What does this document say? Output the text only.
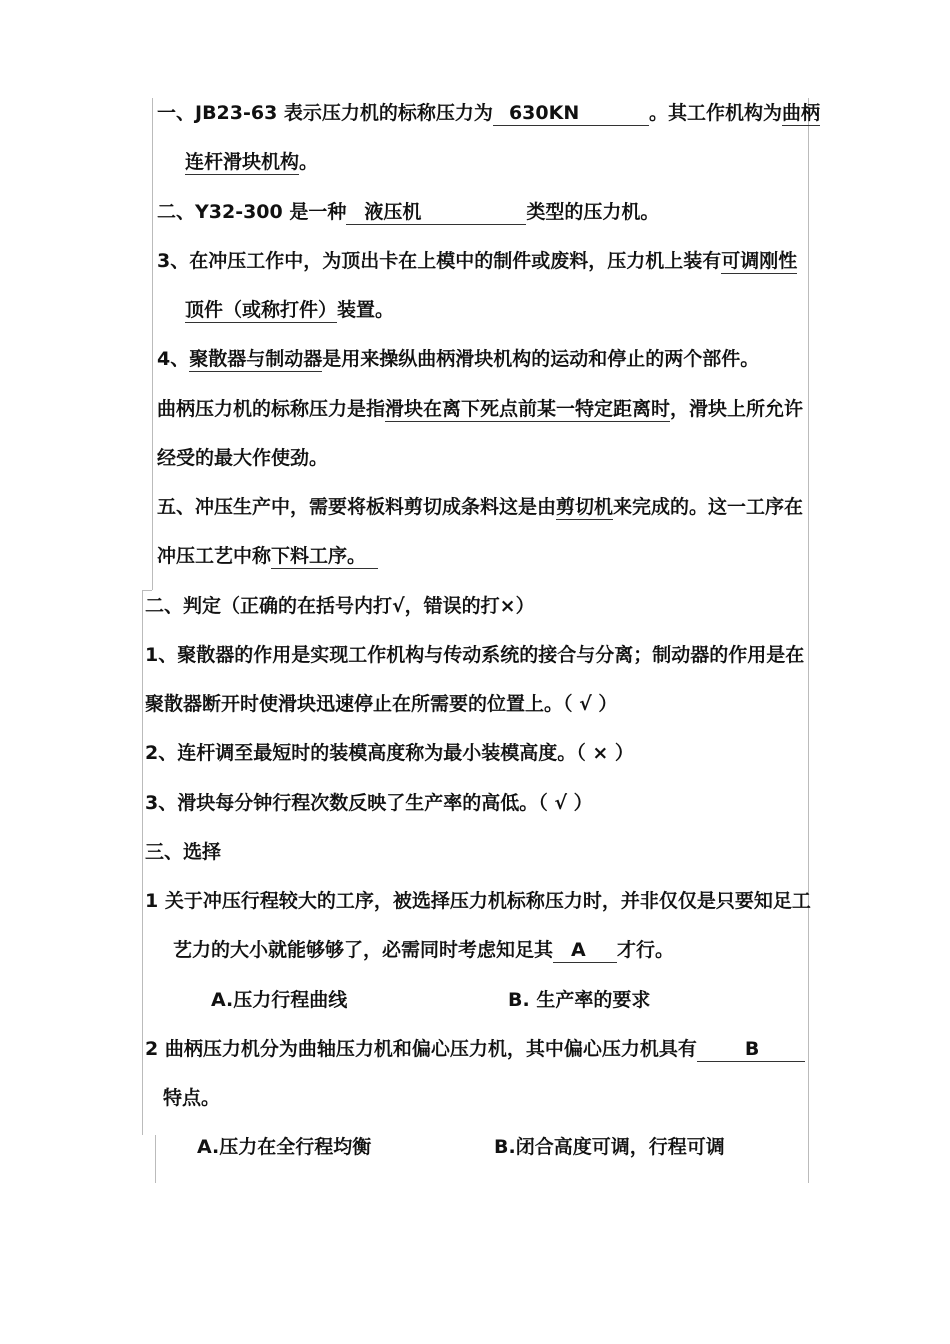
一、JB23-63 表示压力机的标称压力为 630KN	。其工作机构为曲柄
连杆滑块机构。
二、Y32-300 是一种 液压机	类型的压力机。
3、在冲压工作中，为顶出卡在上模中的制件或废料，压力机上装有可调刚性
顶件（或称打件）装置。
4、聚散器与制动器是用来操纵曲柄滑块机构的运动和停止的两个部件。
曲柄压力机的标称压力是指滑块在离下死点前某一特定距离时，滑块上所允许
经受的最大作使劲。
五、冲压生产中，需要将板料剪切成条料这是由剪切机来完成的。这一工序在
冲压工艺中称下料工序。
二、判定（正确的在括号内打√，错误的打×）
1、聚散器的作用是实现工作机构与传动系统的接合与分离；制动器的作用是在
聚散器断开时使滑块迅速停止在所需要的位置上。（ √ ）
2、连杆调至最短时的装模高度称为最小装模高度。（ × ）
3、滑块每分钟行程次数反映了生产率的高低。（ √ ）
三、选择
1 关于冲压行程较大的工序，被选择压力机标称压力时，并非仅仅是只要知足工
艺力的大小就能够够了，必需同时考虑知足其 A 才行。
A.压力行程曲线	B. 生产率的要求
2 曲柄压力机分为曲轴压力机和偏心压力机，其中偏心压力机具有	B
特点。
A.压力在全行程均衡	B.闭合高度可调，行程可调
